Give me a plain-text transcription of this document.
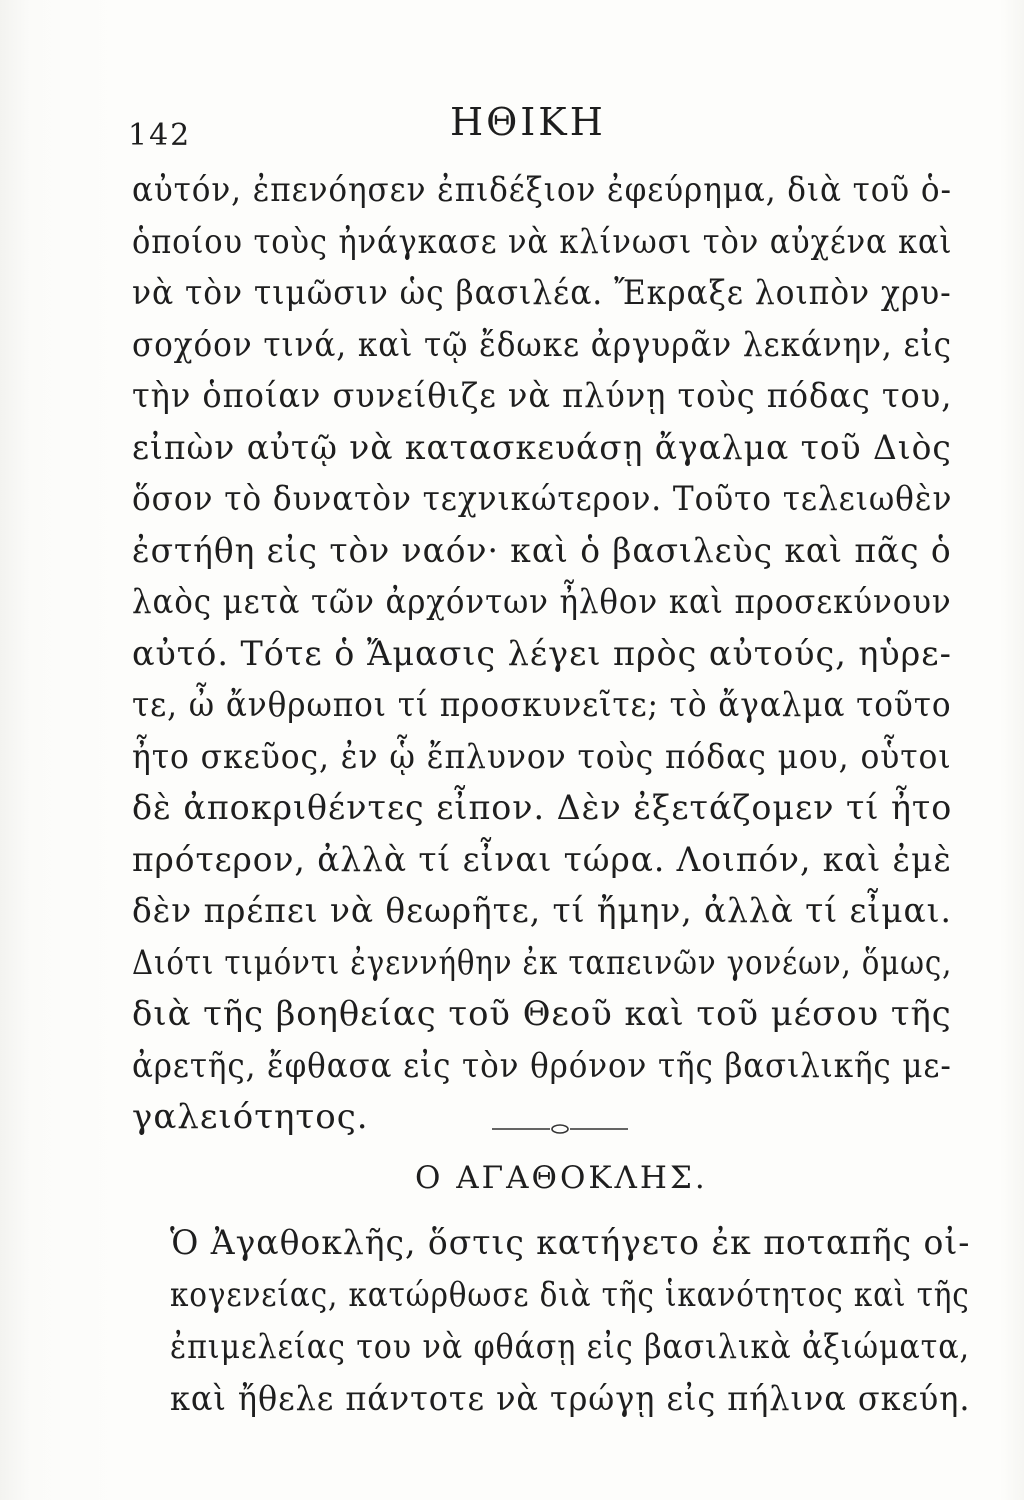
142	ΗΘΙΚΗ
αὐτόν, ἐπενόησεν ἐπιδέξιον ἐφεύρημα, διὰ τοῦ ὁ-
ὁποίου τοὺς ἠνάγκασε νὰ κλίνωσι τὸν αὐχένα καὶ
νὰ τὸν τιμῶσιν ὡς βασιλέα. Ἔκραξε λοιπὸν χρυ-
σοχόον τινά, καὶ τῷ ἔδωκε ἀργυρᾶν λεκάνην, εἰς
τὴν ὁποίαν συνείθιζε νὰ πλύνῃ τοὺς πόδας του,
εἰπὼν αὐτῷ νὰ κατασκευάσῃ ἄγαλμα τοῦ Διὸς
ὅσον τὸ δυνατὸν τεχνικώτερον. Τοῦτο τελειωθὲν
ἐστήθη εἰς τὸν ναόν· καὶ ὁ βασιλεὺς καὶ πᾶς ὁ
λαὸς μετὰ τῶν ἀρχόντων ἦλθον καὶ προσεκύνουν
αὐτό. Τότε ὁ Ἄμασις λέγει πρὸς αὐτούς, ηὑρε-
τε, ὦ ἄνθρωποι τί προσκυνεῖτε; τὸ ἄγαλμα τοῦτο
ἦτο σκεῦος, ἐν ᾧ ἔπλυνον τοὺς πόδας μου, οὗτοι
δὲ ἀποκριθέντες εἶπον. Δὲν ἐξετάζομεν τί ἦτο
πρότερον, ἀλλὰ τί εἶναι τώρα. Λοιπόν, καὶ ἐμὲ
δὲν πρέπει νὰ θεωρῆτε, τί ἤμην, ἀλλὰ τί εἶμαι.
Διότι τιμόντι ἐγεννήθην ἐκ ταπεινῶν γονέων, ὅμως,
διὰ τῆς βοηθείας τοῦ Θεοῦ καὶ τοῦ μέσου τῆς
ἀρετῆς, ἔφθασα εἰς τὸν θρόνον τῆς βασιλικῆς με-
γαλειότητος.
Ο ΑΓΑΘΟΚΛΗΣ.
Ὁ Ἀγαθοκλῆς, ὅστις κατήγετο ἐκ ποταπῆς οἰ-
κογενείας, κατώρθωσε διὰ τῆς ἱκανότητος καὶ τῆς
ἐπιμελείας του νὰ φθάσῃ εἰς βασιλικὰ ἀξιώματα,
καὶ ἤθελε πάντοτε νὰ τρώγῃ εἰς πήλινα σκεύη.
